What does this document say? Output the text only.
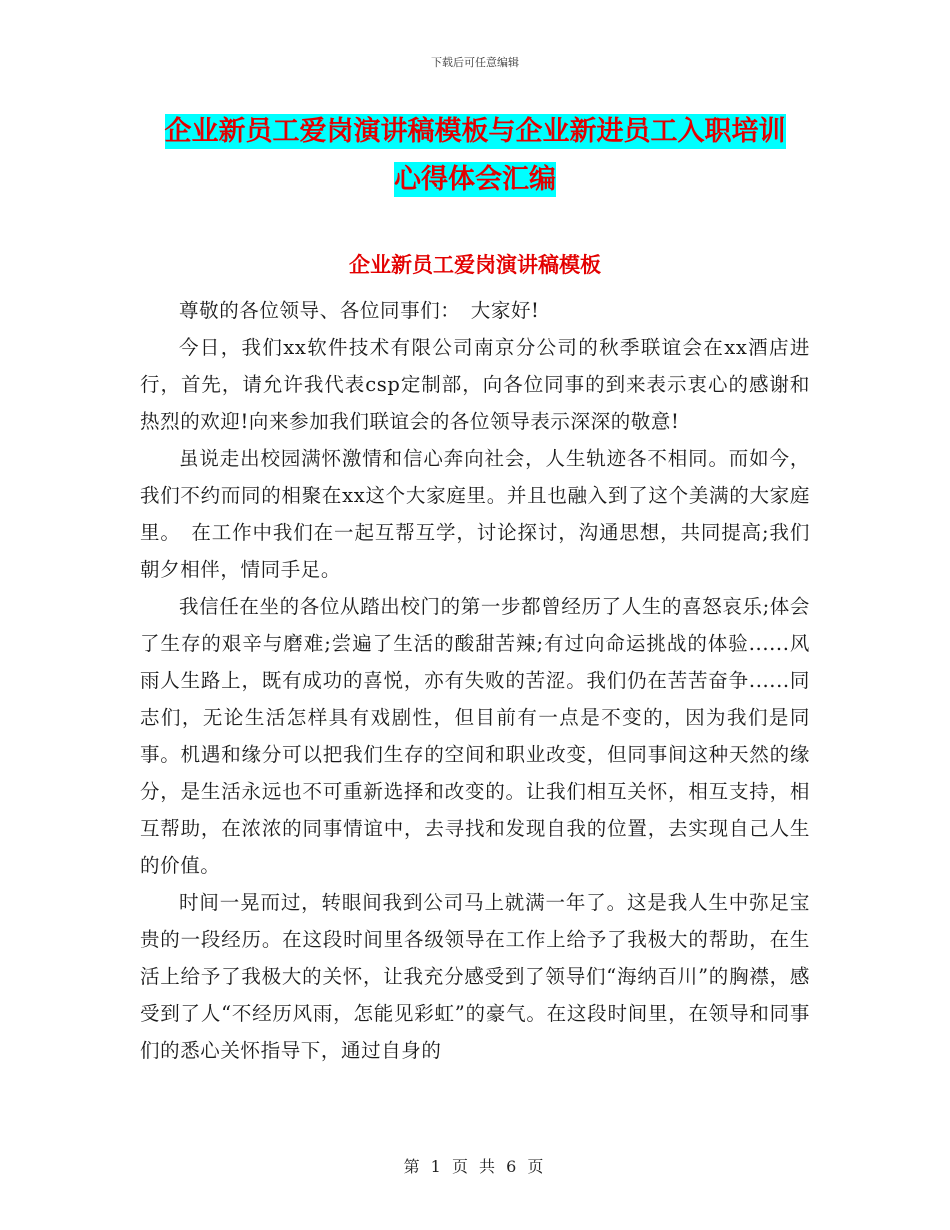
下载后可任意编辑
企业新员工爱岗演讲稿模板与企业新进员工入职培训
心得体会汇编
企业新员工爱岗演讲稿模板

尊敬的各位领导、各位同事们：　大家好!

今日，我们xx软件技术有限公司南京分公司的秋季联谊会在xx酒店进行，首先，请允许我代表csp定制部，向各位同事的到来表示衷心的感谢和热烈的欢迎!向来参加我们联谊会的各位领导表示深深的敬意!

虽说走出校园满怀激情和信心奔向社会，人生轨迹各不相同。而如今，我们不约而同的相聚在xx这个大家庭里。并且也融入到了这个美满的大家庭里。　在工作中我们在一起互帮互学，讨论探讨，沟通思想，共同提高;我们朝夕相伴，情同手足。

我信任在坐的各位从踏出校门的第一步都曾经历了人生的喜怒哀乐;体会了生存的艰辛与磨难;尝遍了生活的酸甜苦辣;有过向命运挑战的体验......风雨人生路上，既有成功的喜悦，亦有失败的苦涩。我们仍在苦苦奋争......同志们，无论生活怎样具有戏剧性，但目前有一点是不变的，因为我们是同事。机遇和缘分可以把我们生存的空间和职业改变，但同事间这种天然的缘分，是生活永远也不可重新选择和改变的。让我们相互关怀，相互支持，相互帮助，在浓浓的同事情谊中，去寻找和发现自我的位置，去实现自己人生的价值。

时间一晃而过，转眼间我到公司马上就满一年了。这是我人生中弥足宝贵的一段经历。在这段时间里各级领导在工作上给予了我极大的帮助，在生活上给予了我极大的关怀，让我充分感受到了领导们“海纳百川”的胸襟，感受到了人“不经历风雨，怎能见彩虹”的豪气。在这段时间里，在领导和同事们的悉心关怀指导下，通过自身的

第 1 页 共 6 页
